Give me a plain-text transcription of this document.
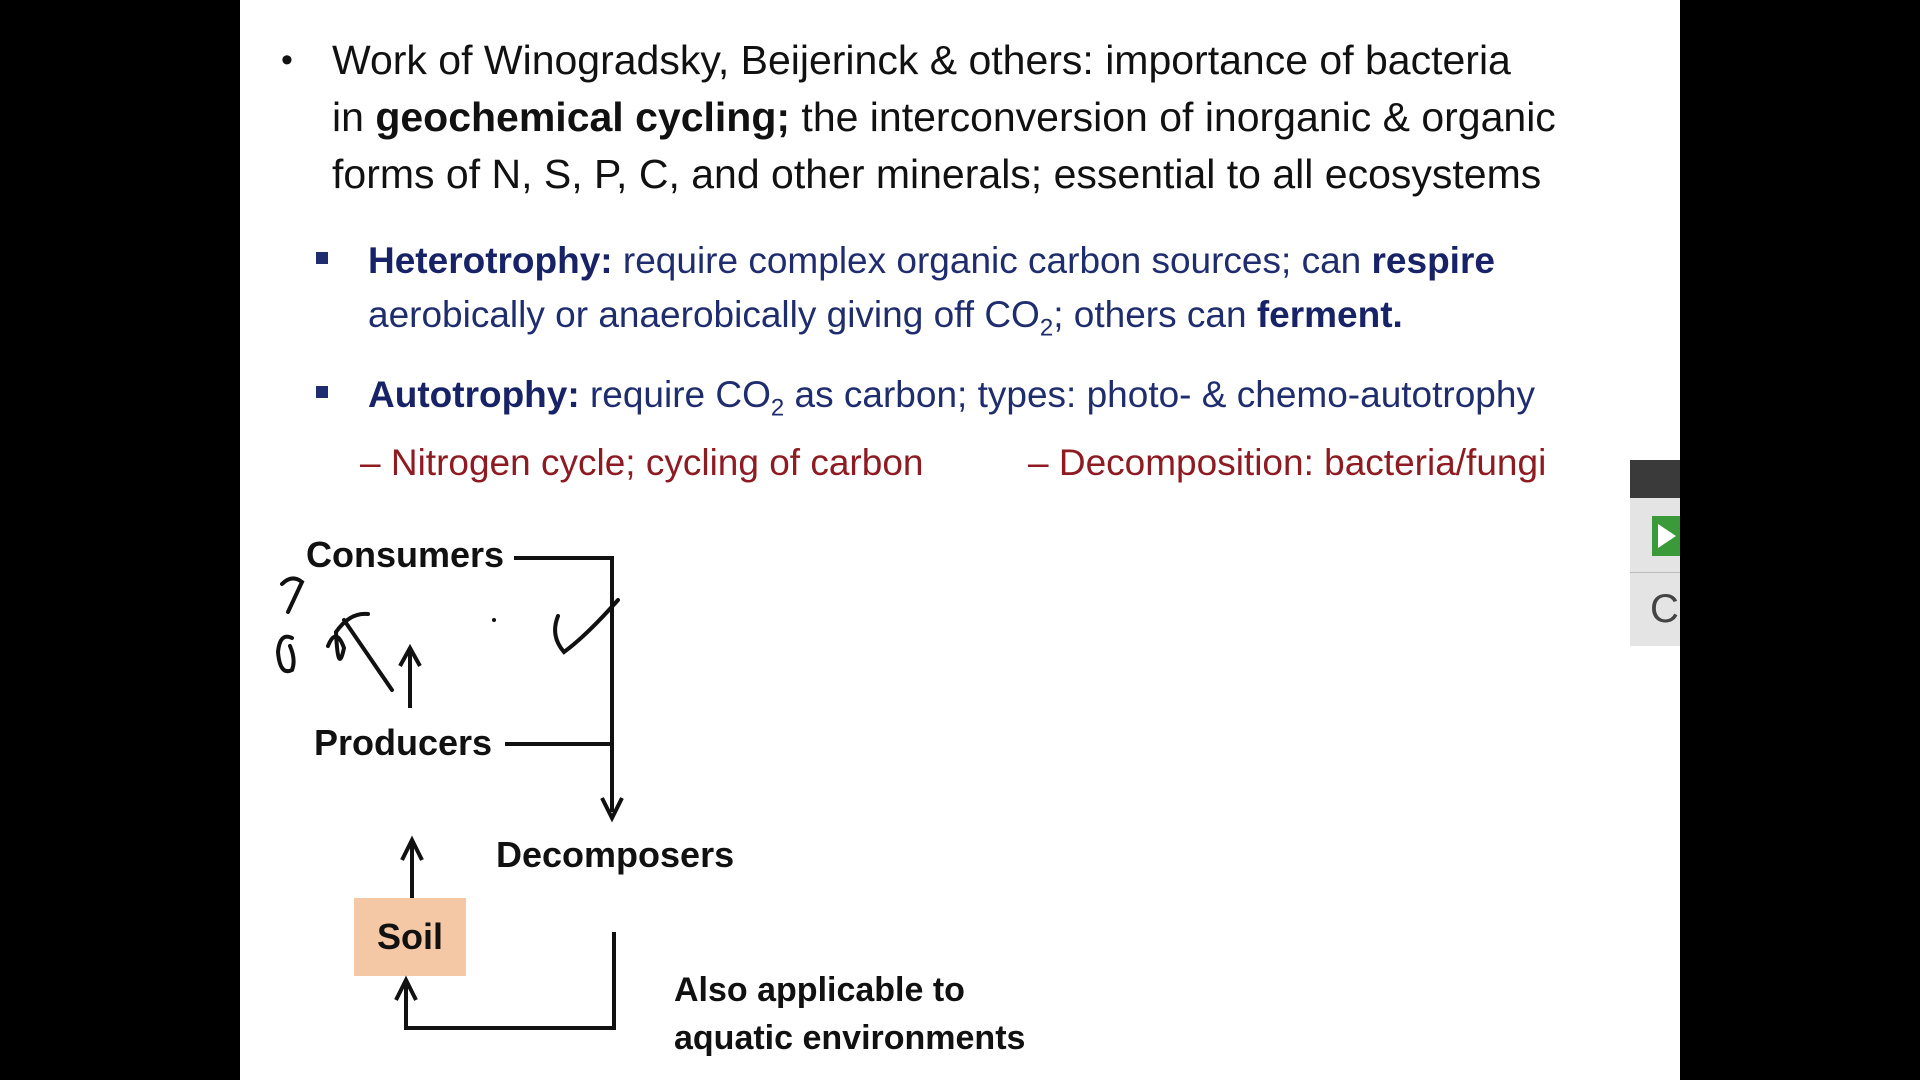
• Work of Winogradsky, Beijerinck & others: importance of bacteria
in geochemical cycling; the interconversion of inorganic & organic
forms of N, S, P, C, and other minerals; essential to all ecosystems
Heterotrophy: require complex organic carbon sources; can respire
aerobically or anaerobically giving off $CO_2$; others can ferment.
Autotrophy: require $CO_2$ as carbon; types: photo- & chemo-autotrophy
– Nitrogen cycle; cycling of carbon	– Decomposition: bacteria/fungi
Consumers
Producers
Decomposers
Soil
Also applicable to
aquatic environments
C
